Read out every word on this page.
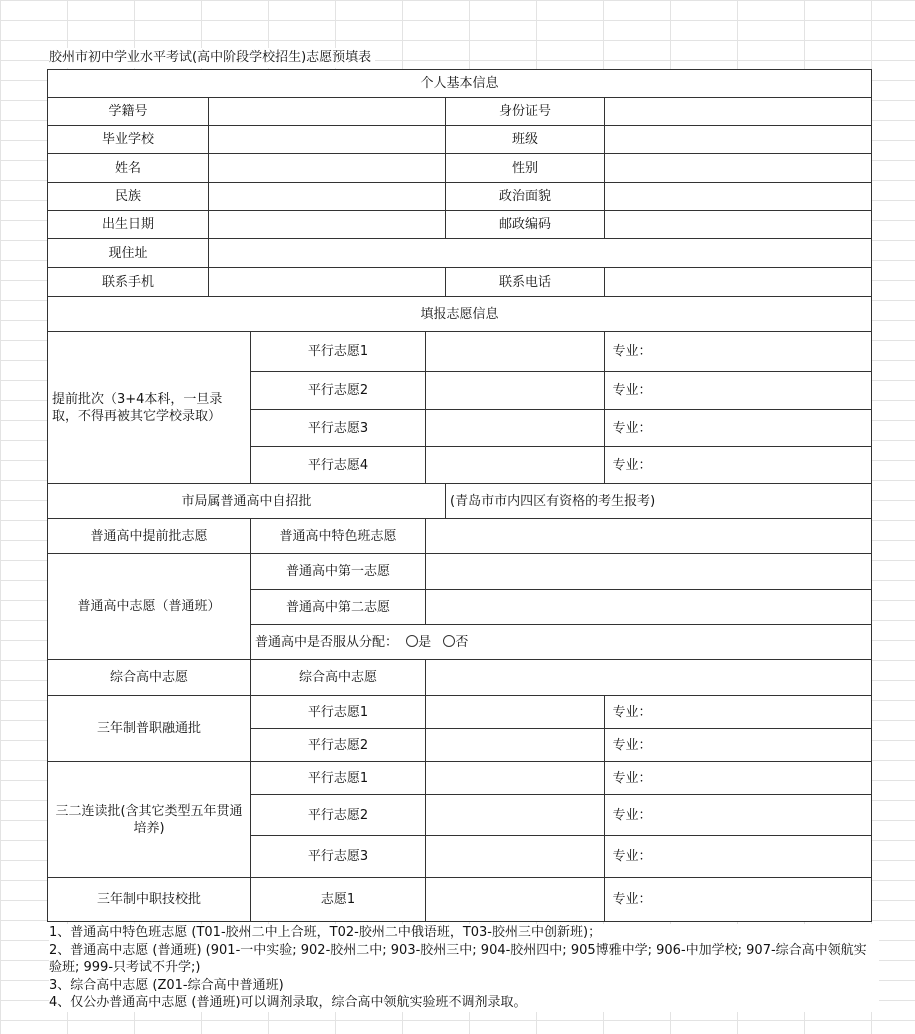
胶州市初中学业水平考试(高中阶段学校招生)志愿预填表
个人基本信息						
学籍号				身份证号		
毕业学校				班级		
姓名				性别		
民族				政治面貌		
出生日期				邮政编码		
现住址						
联系手机				联系电话		
填报志愿信息						
提前批次（3+4本科，一旦录取，不得再被其它学校录取）		平行志愿1			专业：	
		平行志愿2			专业：	
		平行志愿3			专业：	
		平行志愿4			专业：	
市局属普通高中自招批				(青岛市市内四区有资格的考生报考)		
普通高中提前批志愿		普通高中特色班志愿				
普通高中志愿（普通班）		普通高中第一志愿				
		普通高中第二志愿				
		普通高中是否服从分配： 是 否				
综合高中志愿		综合高中志愿				
三年制普职融通批		平行志愿1			专业：	
		平行志愿2			专业：	
三二连读批(含其它类型五年贯通培养)		平行志愿1			专业：	
		平行志愿2			专业：	
		平行志愿3			专业：	
三年制中职技校批		志愿1			专业：	
1、普通高中特色班志愿 (T01-胶州二中上合班，T02-胶州二中俄语班，T03-胶州三中创新班)；
2、普通高中志愿 (普通班) (901-一中实验; 902-胶州二中; 903-胶州三中; 904-胶州四中; 905博雅中学; 906-中加学校; 907-综合高中领航实验班; 999-只考试不升学;)
3、综合高中志愿 (Z01-综合高中普通班)
4、仅公办普通高中志愿 (普通班)可以调剂录取，综合高中领航实验班不调剂录取。
